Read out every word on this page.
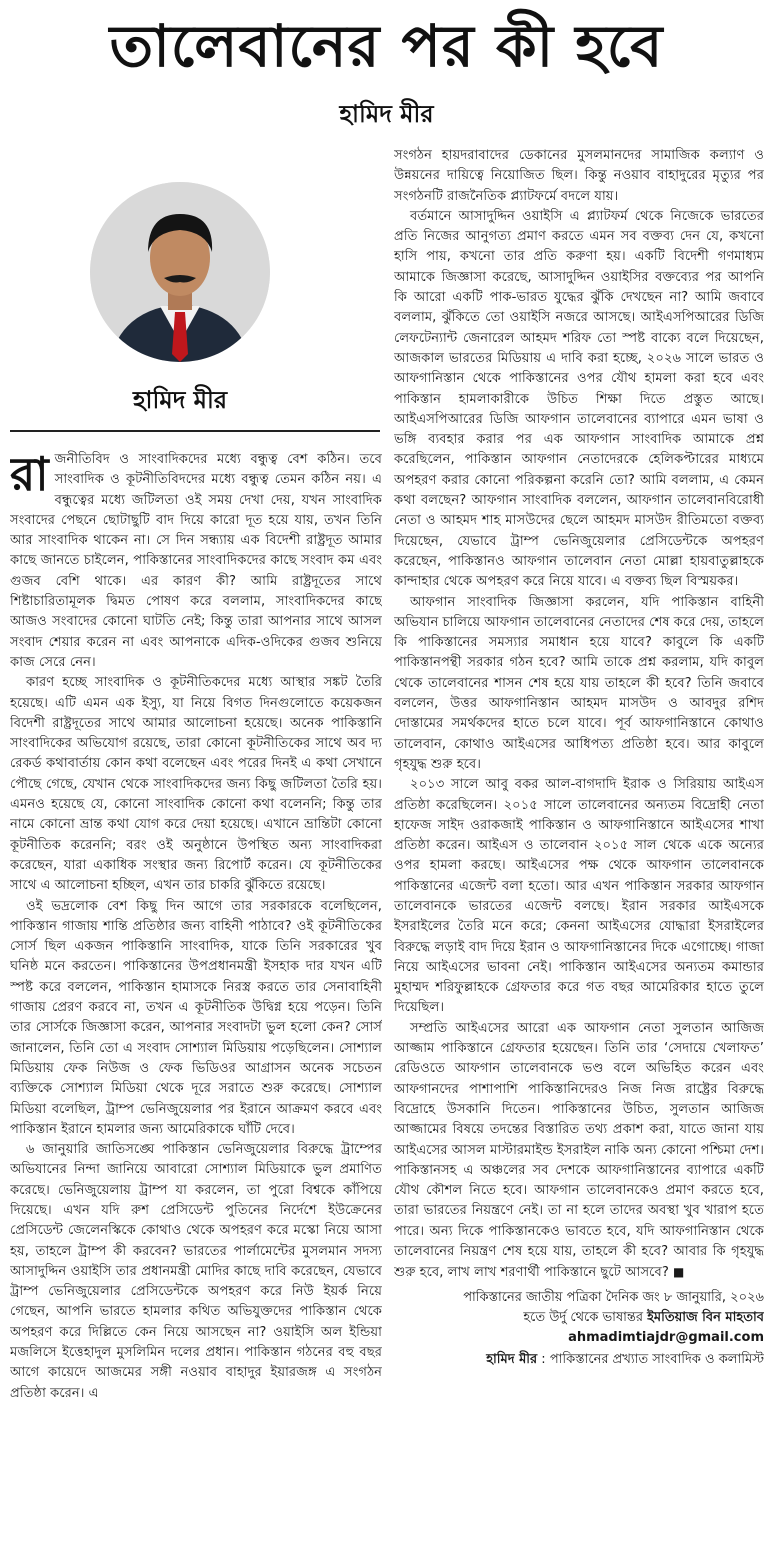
তালেবানের পর কী হবে
হামিদ মীর
হামিদ মীর

রাজনীতিবিদ ও সাংবাদিকদের মধ্যে বন্ধুত্ব বেশ কঠিন। তবে সাংবাদিক ও কূটনীতিবিদদের মধ্যে বন্ধুত্ব তেমন কঠিন নয়। এ বন্ধুত্বের মধ্যে জটিলতা ওই সময় দেখা দেয়, যখন সাংবাদিক সংবাদের পেছনে ছোটাছুটি বাদ দিয়ে কারো দূত হয়ে যায়, তখন তিনি আর সাংবাদিক থাকেন না। সে দিন সন্ধ্যায় এক বিদেশী রাষ্ট্রদূত আমার কাছে জানতে চাইলেন, পাকিস্তানের সাংবাদিকদের কাছে সংবাদ কম এবং গুজব বেশি থাকে। এর কারণ কী? আমি রাষ্ট্রদূতের সাথে শিষ্টাচারিতামূলক দ্বিমত পোষণ করে বললাম, সাংবাদিকদের কাছে আজও সংবাদের কোনো ঘাটতি নেই; কিন্তু তারা আপনার সাথে আসল সংবাদ শেয়ার করেন না এবং আপনাকে এদিক-ওদিকের গুজব শুনিয়ে কাজ সেরে নেন।

কারণ হচ্ছে সাংবাদিক ও কূটনীতিকদের মধ্যে আস্থার সঙ্কট তৈরি হয়েছে। এটি এমন এক ইস্যু, যা নিয়ে বিগত দিনগুলোতে কয়েকজন বিদেশী রাষ্ট্রদূতের সাথে আমার আলোচনা হয়েছে। অনেক পাকিস্তানি সাংবাদিকের অভিযোগ রয়েছে, তারা কোনো কূটনীতিকের সাথে অব দ্য রেকর্ড কথাবার্তায় কোন কথা বলেছেন এবং পরের দিনই এ কথা সেখানে পৌছে গেছে, যেখান থেকে সাংবাদিকদের জন্য কিছু জটিলতা তৈরি হয়। এমনও হয়েছে যে, কোনো সাংবাদিক কোনো কথা বলেননি; কিন্তু তার নামে কোনো ভ্রান্ত কথা যোগ করে দেয়া হয়েছে। এখানে ভ্রান্তিটা কোনো কূটনীতিক করেননি; বরং ওই অনুষ্ঠানে উপস্থিত অন্য সাংবাদিকরা করেছেন, যারা একাধিক সংস্থার জন্য রিপোর্ট করেন। যে কূটনীতিকের সাথে এ আলোচনা হচ্ছিল, এখন তার চাকরি ঝুঁকিতে রয়েছে।

ওই ভদ্রলোক বেশ কিছু দিন আগে তার সরকারকে বলেছিলেন, পাকিস্তান গাজায় শান্তি প্রতিষ্ঠার জন্য বাহিনী পাঠাবে? ওই কূটনীতিকের সোর্স ছিল একজন পাকিস্তানি সাংবাদিক, যাকে তিনি সরকারের খুব ঘনিষ্ঠ মনে করতেন। পাকিস্তানের উপপ্রধানমন্ত্রী ইসহাক দার যখন এটি স্পষ্ট করে বললেন, পাকিস্তান হামাসকে নিরস্ত্র করতে তার সেনাবাহিনী গাজায় প্রেরণ করবে না, তখন এ কূটনীতিক উদ্বিগ্ন হয়ে পড়েন। তিনি তার সোর্সকে জিজ্ঞাসা করেন, আপনার সংবাদটা ভুল হলো কেন? সোর্স জানালেন, তিনি তো এ সংবাদ সোশ্যাল মিডিয়ায় পড়েছিলেন। সোশ্যাল মিডিয়ায় ফেক নিউজ ও ফেক ভিডিওর আগ্রাসন অনেক সচেতন ব্যক্তিকে সোশ্যাল মিডিয়া থেকে দূরে সরাতে শুরু করেছে। সোশ্যাল মিডিয়া বলেছিল, ট্রাম্প ভেনিজুয়েলার পর ইরানে আক্রমণ করবে এবং পাকিস্তান ইরানে হামলার জন্য আমেরিকাকে ঘাঁটি দেবে।

৬ জানুয়ারি জাতিসঙ্ঘে পাকিস্তান ভেনিজুয়েলার বিরুদ্ধে ট্রাম্পের অভিযানের নিন্দা জানিয়ে আবারো সোশ্যাল মিডিয়াকে ভুল প্রমাণিত করেছে। ভেনিজুয়েলায় ট্রাম্প যা করলেন, তা পুরো বিশ্বকে কাঁপিয়ে দিয়েছে। এখন যদি রুশ প্রেসিডেন্ট পুতিনের নির্দেশে ইউক্রেনের প্রেসিডেন্ট জেলেনস্কিকে কোথাও থেকে অপহরণ করে মস্কো নিয়ে আসা হয়, তাহলে ট্রাম্প কী করবেন? ভারতের পার্লামেন্টের মুসলমান সদস্য আসাদুদ্দিন ওয়াইসি তার প্রধানমন্ত্রী মোদির কাছে দাবি করেছেন, যেভাবে ট্রাম্প ভেনিজুয়েলার প্রেসিডেন্টকে অপহরণ করে নিউ ইয়র্ক নিয়ে গেছেন, আপনি ভারতে হামলার কথিত অভিযুক্তদের পাকিস্তান থেকে অপহরণ করে দিল্লিতে কেন নিয়ে আসছেন না? ওয়াইসি অল ইন্ডিয়া মজলিসে ইত্তেহাদুল মুসলিমিন দলের প্রধান। পাকিস্তান গঠনের বহু বছর আগে কায়েদে আজমের সঙ্গী নওয়াব বাহাদুর ইয়ারজঙ্গ এ সংগঠন প্রতিষ্ঠা করেন। এ

সংগঠন হায়দরাবাদের ডেকানের মুসলমানদের সামাজিক কল্যাণ ও উন্নয়নের দায়িত্বে নিয়োজিত ছিল। কিন্তু নওয়াব বাহাদুরের মৃত্যুর পর সংগঠনটি রাজনৈতিক প্ল্যাটফর্মে বদলে যায়।

বর্তমানে আসাদুদ্দিন ওয়াইসি এ প্ল্যাটফর্ম থেকে নিজেকে ভারতের প্রতি নিজের আনুগত্য প্রমাণ করতে এমন সব বক্তব্য দেন যে, কখনো হাসি পায়, কখনো তার প্রতি করুণা হয়। একটি বিদেশী গণমাধ্যম আমাকে জিজ্ঞাসা করেছে, আসাদুদ্দিন ওয়াইসির বক্তব্যের পর আপনি কি আরো একটি পাক-ভারত যুদ্ধের ঝুঁকি দেখছেন না? আমি জবাবে বললাম, ঝুঁকিতে তো ওয়াইসি নজরে আসছে। আইএসপিআরের ডিজি লেফটেন্যান্ট জেনারেল আহমদ শরিফ তো স্পষ্ট বাক্যে বলে দিয়েছেন, আজকাল ভারতের মিডিয়ায় এ দাবি করা হচ্ছে, ২০২৬ সালে ভারত ও আফগানিস্তান থেকে পাকিস্তানের ওপর যৌথ হামলা করা হবে এবং পাকিস্তান হামলাকারীকে উচিত শিক্ষা দিতে প্রস্তুত আছে। আইএসপিআরের ডিজি আফগান তালেবানের ব্যাপারে এমন ভাষা ও ভঙ্গি ব্যবহার করার পর এক আফগান সাংবাদিক আমাকে প্রশ্ন করেছিলেন, পাকিস্তান আফগান নেতাদেরকে হেলিকপ্টারের মাধ্যমে অপহরণ করার কোনো পরিকল্পনা করেনি তো? আমি বললাম, এ কেমন কথা বলছেন? আফগান সাংবাদিক বললেন, আফগান তালেবানবিরোধী নেতা ও আহমদ শাহ মাসউদের ছেলে আহমদ মাসউদ রীতিমতো বক্তব্য দিয়েছেন, যেভাবে ট্রাম্প ভেনিজুয়েলার প্রেসিডেন্টকে অপহরণ করেছেন, পাকিস্তানও আফগান তালেবান নেতা মোল্লা হায়বাতুল্লাহকে কান্দাহার থেকে অপহরণ করে নিয়ে যাবে। এ বক্তব্য ছিল বিস্ময়কর।

আফগান সাংবাদিক জিজ্ঞাসা করলেন, যদি পাকিস্তান বাহিনী অভিযান চালিয়ে আফগান তালেবানের নেতাদের শেষ করে দেয়, তাহলে কি পাকিস্তানের সমস্যার সমাধান হয়ে যাবে? কাবুলে কি একটি পাকিস্তানপন্থী সরকার গঠন হবে? আমি তাকে প্রশ্ন করলাম, যদি কাবুল থেকে তালেবানের শাসন শেষ হয়ে যায় তাহলে কী হবে? তিনি জবাবে বললেন, উত্তর আফগানিস্তান আহমদ মাসউদ ও আবদুর রশিদ দোস্তামের সমর্থকদের হাতে চলে যাবে। পূর্ব আফগানিস্তানে কোথাও তালেবান, কোথাও আইএসের আধিপত্য প্রতিষ্ঠা হবে। আর কাবুলে গৃহযুদ্ধ শুরু হবে।

২০১৩ সালে আবু বকর আল-বাগদাদি ইরাক ও সিরিয়ায় আইএস প্রতিষ্ঠা করেছিলেন। ২০১৫ সালে তালেবানের অন্যতম বিদ্রোহী নেতা হাফেজ সাইদ ওরাকজাই পাকিস্তান ও আফগানিস্তানে আইএসের শাখা প্রতিষ্ঠা করেন। আইএস ও তালেবান ২০১৫ সাল থেকে একে অন্যের ওপর হামলা করছে। আইএসের পক্ষ থেকে আফগান তালেবানকে পাকিস্তানের এজেন্ট বলা হতো। আর এখন পাকিস্তান সরকার আফগান তালেবানকে ভারতের এজেন্ট বলছে। ইরান সরকার আইএসকে ইসরাইলের তৈরি মনে করে; কেননা আইএসের যোদ্ধারা ইসরাইলের বিরুদ্ধে লড়াই বাদ দিয়ে ইরান ও আফগানিস্তানের দিকে এগোচ্ছে। গাজা নিয়ে আইএসের ভাবনা নেই। পাকিস্তান আইএসের অন্যতম কমান্ডার মুহাম্মদ শরিফুল্লাহকে গ্রেফতার করে গত বছর আমেরিকার হাতে তুলে দিয়েছিল।

সম্প্রতি আইএসের আরো এক আফগান নেতা সুলতান আজিজ আজ্জাম পাকিস্তানে গ্রেফতার হয়েছেন। তিনি তার ‘সেদায়ে খেলাফত’ রেডিওতে আফগান তালেবানকে ভণ্ড বলে অভিহিত করেন এবং আফগানদের পাশাপাশি পাকিস্তানিদেরও নিজ নিজ রাষ্ট্রের বিরুদ্ধে বিদ্রোহে উসকানি দিতেন। পাকিস্তানের উচিত, সুলতান আজিজ আজ্জামের বিষয়ে তদন্তের বিস্তারিত তথ্য প্রকাশ করা, যাতে জানা যায় আইএসের আসল মাস্টারমাইন্ড ইসরাইল নাকি অন্য কোনো পশ্চিমা দেশ। পাকিস্তানসহ এ অঞ্চলের সব দেশকে আফগানিস্তানের ব্যাপারে একটি যৌথ কৌশল নিতে হবে। আফগান তালেবানকেও প্রমাণ করতে হবে, তারা ভারতের নিয়ন্ত্রণে নেই। তা না হলে তাদের অবস্থা খুব খারাপ হতে পারে। অন্য দিকে পাকিস্তানকেও ভাবতে হবে, যদি আফগানিস্তান থেকে তালেবানের নিয়ন্ত্রণ শেষ হয়ে যায়, তাহলে কী হবে? আবার কি গৃহযুদ্ধ শুরু হবে, লাখ লাখ শরণার্থী পাকিস্তানে ছুটে আসবে? ■

পাকিস্তানের জাতীয় পত্রিকা দৈনিক জং ৮ জানুয়ারি, ২০২৬
হতে উর্দু থেকে ভাষান্তর ইমতিয়াজ বিন মাহতাব
ahmadimtiajdr@gmail.com
হামিদ মীর : পাকিস্তানের প্রখ্যাত সাংবাদিক ও কলামিস্ট
